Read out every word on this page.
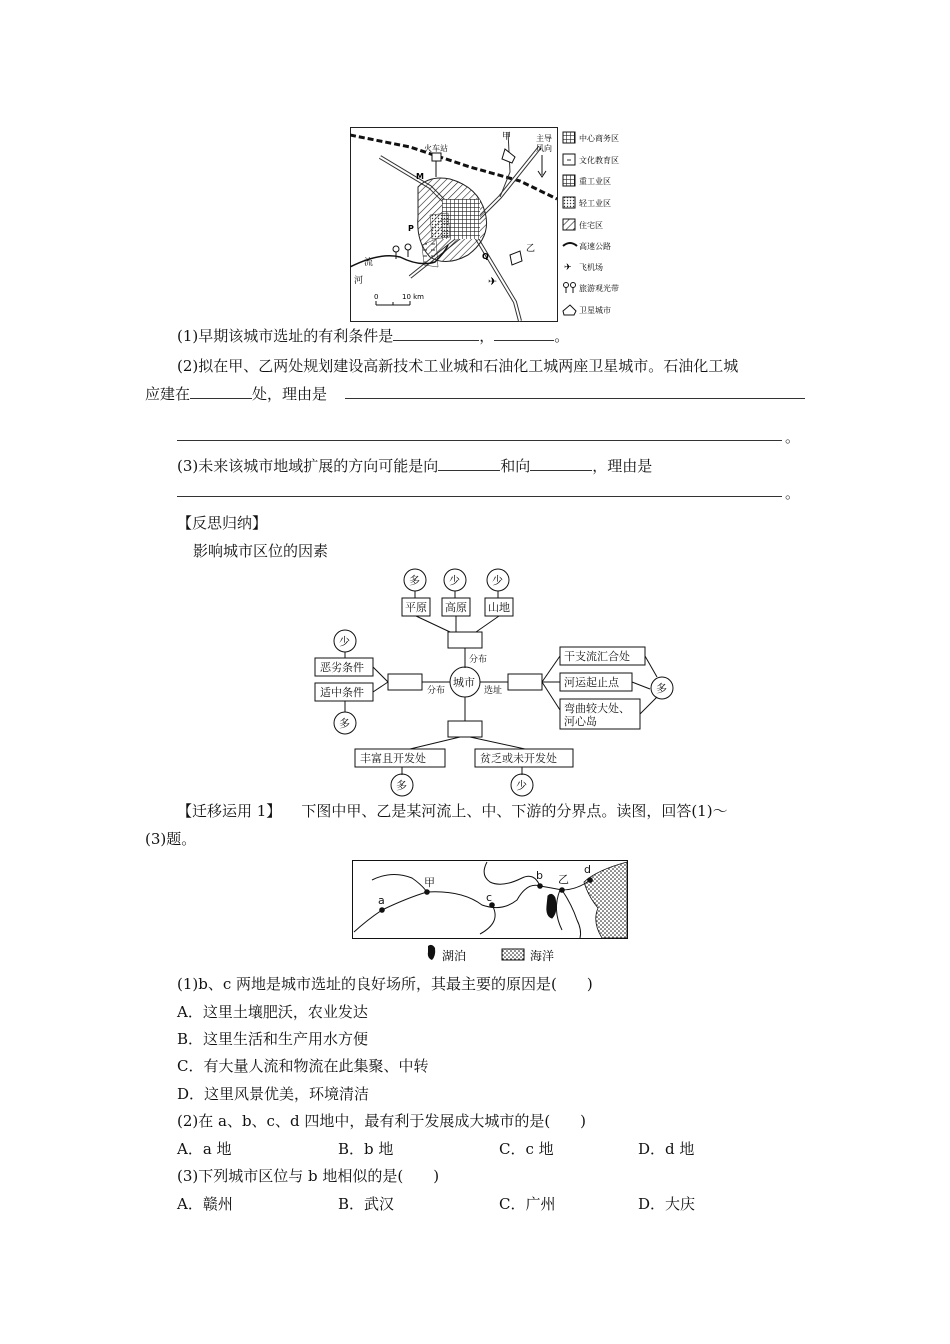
火车站
甲	主导
风向
M
P
Q
乙
流
河	✈
0	10 km
中心商务区
文化教育区
重工业区
轻工业区
住宅区
高速公路
✈ 飞机场
旅游观光带
卫星城市
(1)早期该城市选址的有利条件是	，	。
(2)拟在甲、乙两处规划建设高新技术工业城和石油化工城两座卫星城市。石油化工城
应建在	处，理由是
。
(3)未来该城市地域扩展的方向可能是向	和向	，理由是
。
【反思归纳】
影响城市区位的因素
多	少	少
平原 高原 山地
分布
城市
少
恶劣条件
适中条件
多
分布	选址
干支流汇合处
河运起止点
弯曲较大处、
河心岛
多
丰富且开发处	贫乏或未开发处
多	少
【迁移运用 1】 下图中甲、乙是某河流上、中、下游的分界点。读图，回答(1)～
(3)题。
a
甲
c
b 乙
d
湖泊	海洋
(1)b、c 两地是城市选址的良好场所，其最主要的原因是(　　)
A．这里土壤肥沃，农业发达
B．这里生活和生产用水方便
C．有大量人流和物流在此集聚、中转
D．这里风景优美，环境清洁
(2)在 a、b、c、d 四地中，最有利于发展成大城市的是(　　)
A．a 地	B．b 地	C．c 地	D．d 地
(3)下列城市区位与 b 地相似的是(　　)
A．赣州	B．武汉	C．广州	D．大庆
